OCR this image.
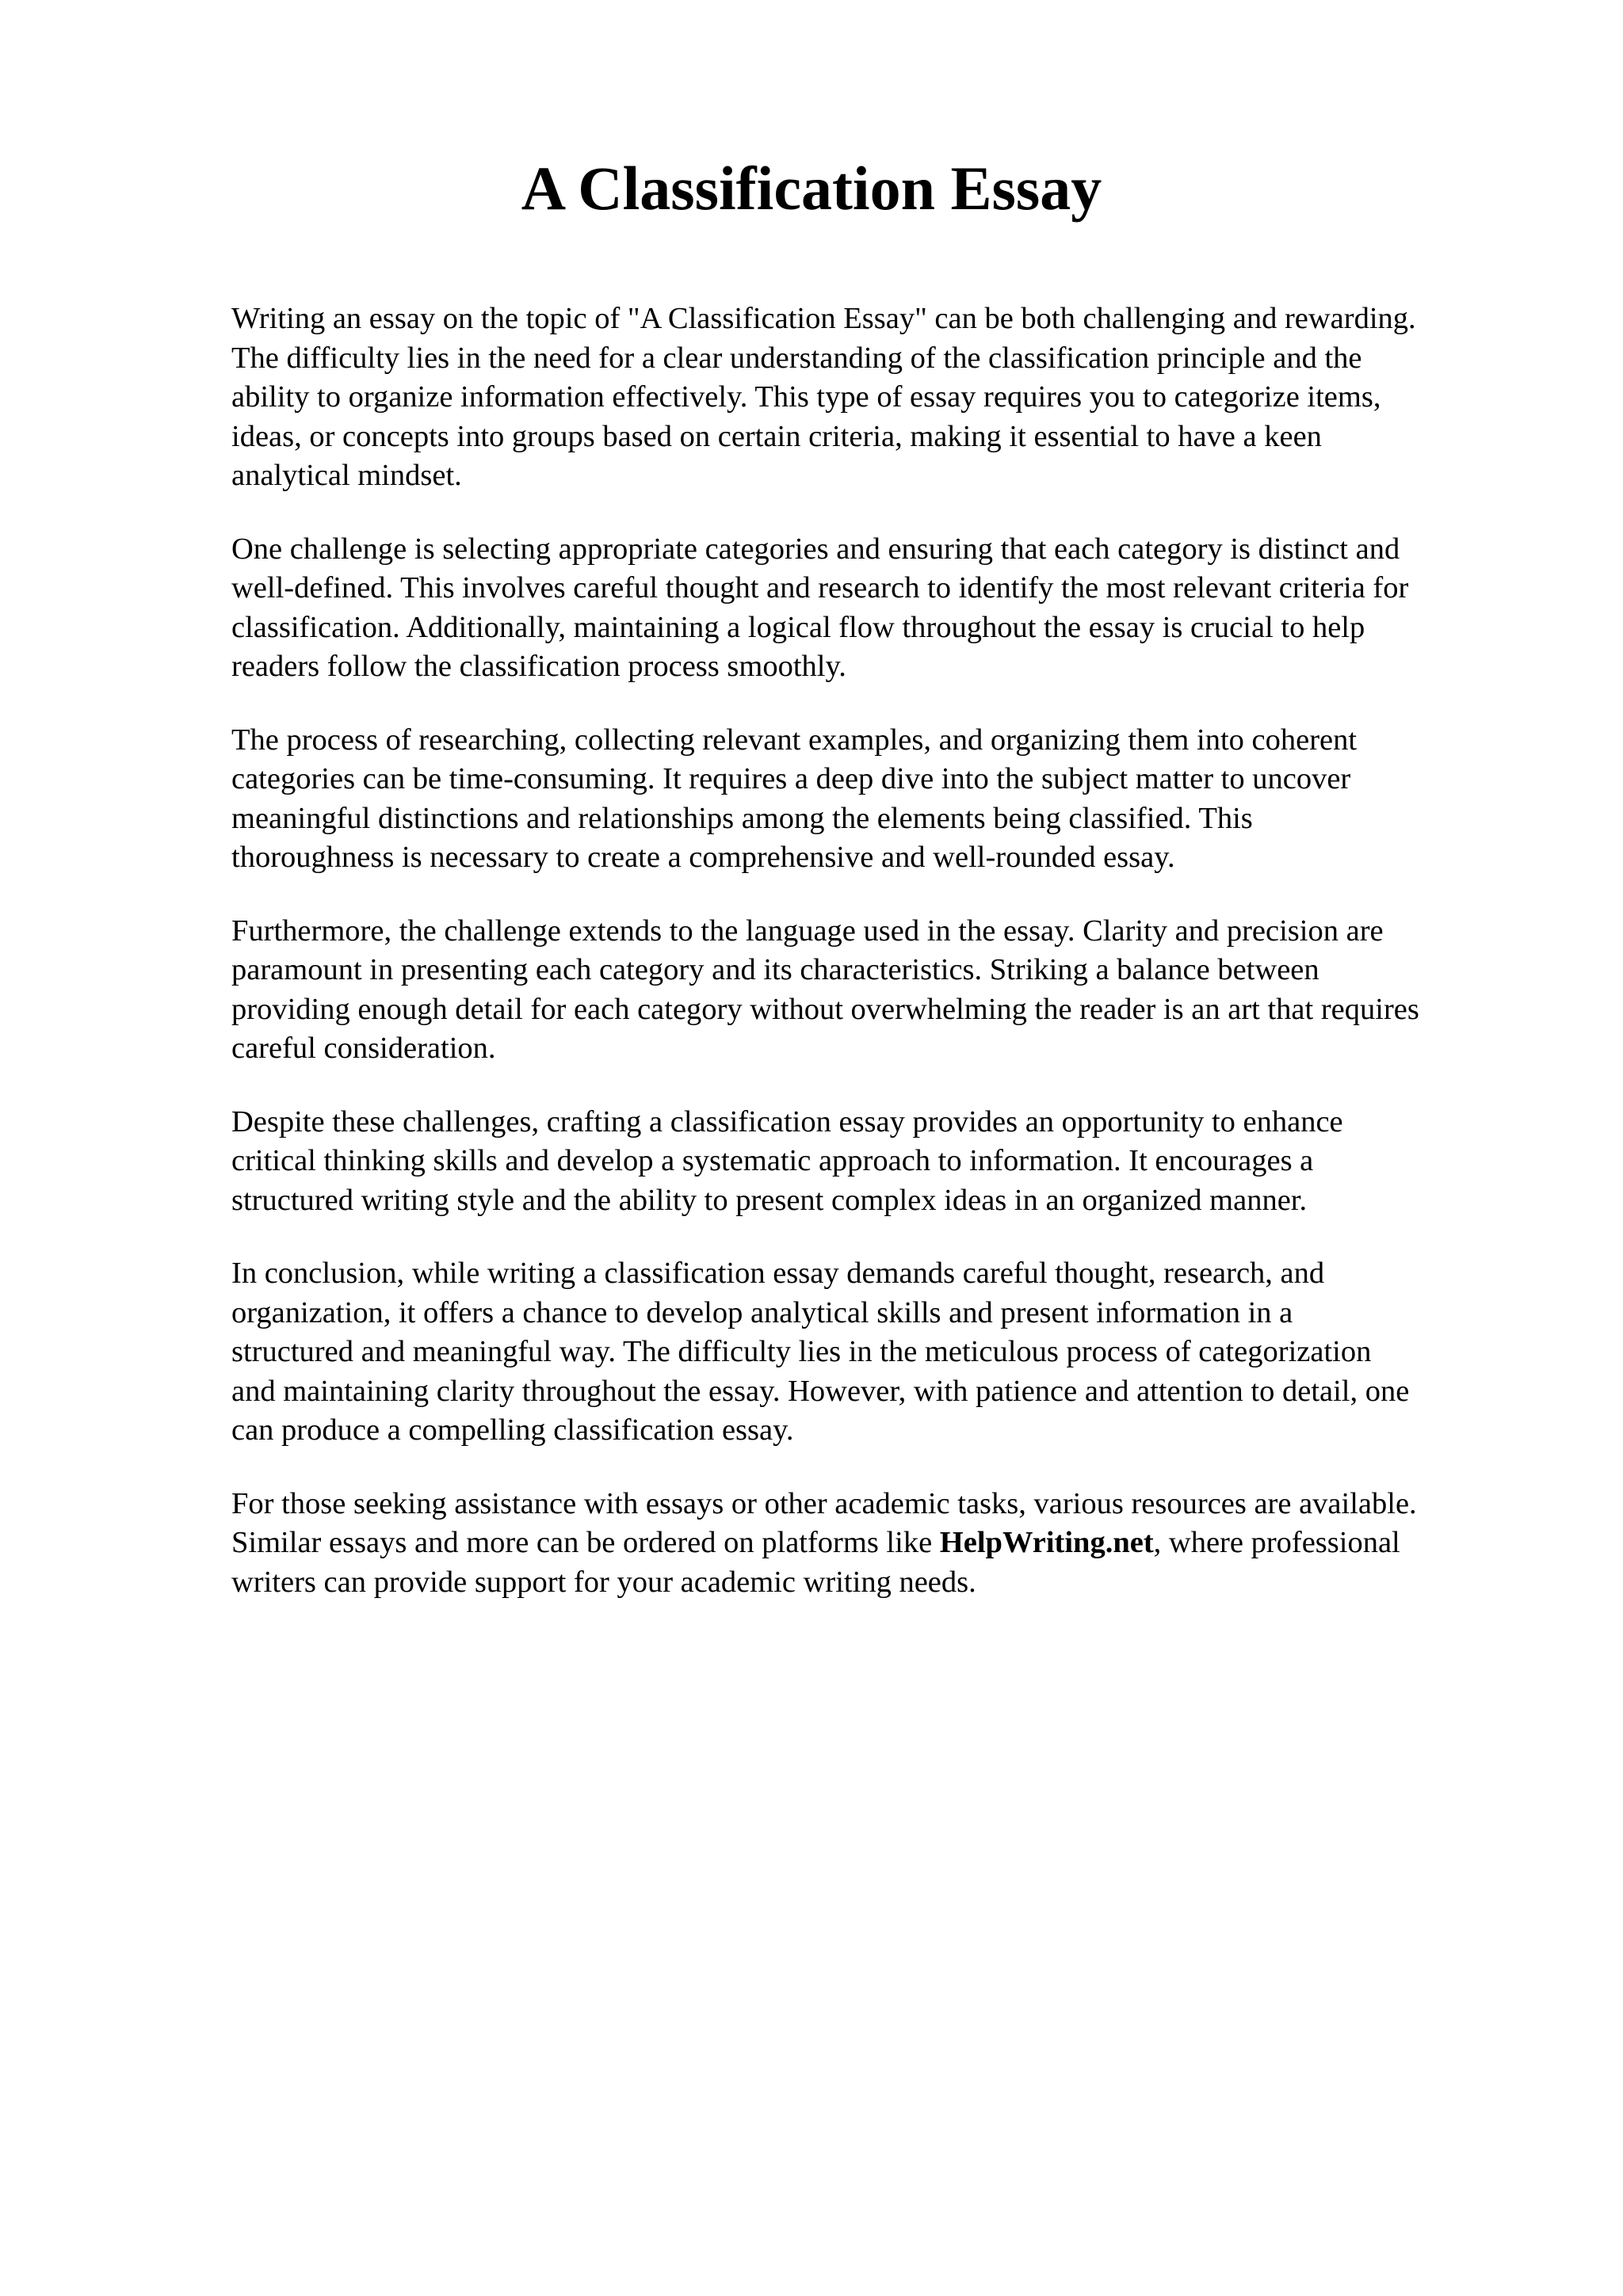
A Classification Essay

Writing an essay on the topic of "A Classification Essay" can be both challenging and rewarding.
The difficulty lies in the need for a clear understanding of the classification principle and the
ability to organize information effectively. This type of essay requires you to categorize items,
ideas, or concepts into groups based on certain criteria, making it essential to have a keen
analytical mindset.

One challenge is selecting appropriate categories and ensuring that each category is distinct and
well-defined. This involves careful thought and research to identify the most relevant criteria for
classification. Additionally, maintaining a logical flow throughout the essay is crucial to help
readers follow the classification process smoothly.

The process of researching, collecting relevant examples, and organizing them into coherent
categories can be time-consuming. It requires a deep dive into the subject matter to uncover
meaningful distinctions and relationships among the elements being classified. This
thoroughness is necessary to create a comprehensive and well-rounded essay.

Furthermore, the challenge extends to the language used in the essay. Clarity and precision are
paramount in presenting each category and its characteristics. Striking a balance between
providing enough detail for each category without overwhelming the reader is an art that requires
careful consideration.

Despite these challenges, crafting a classification essay provides an opportunity to enhance
critical thinking skills and develop a systematic approach to information. It encourages a
structured writing style and the ability to present complex ideas in an organized manner.

In conclusion, while writing a classification essay demands careful thought, research, and
organization, it offers a chance to develop analytical skills and present information in a
structured and meaningful way. The difficulty lies in the meticulous process of categorization
and maintaining clarity throughout the essay. However, with patience and attention to detail, one
can produce a compelling classification essay.

For those seeking assistance with essays or other academic tasks, various resources are available.
Similar essays and more can be ordered on platforms like HelpWriting.net, where professional
writers can provide support for your academic writing needs.
